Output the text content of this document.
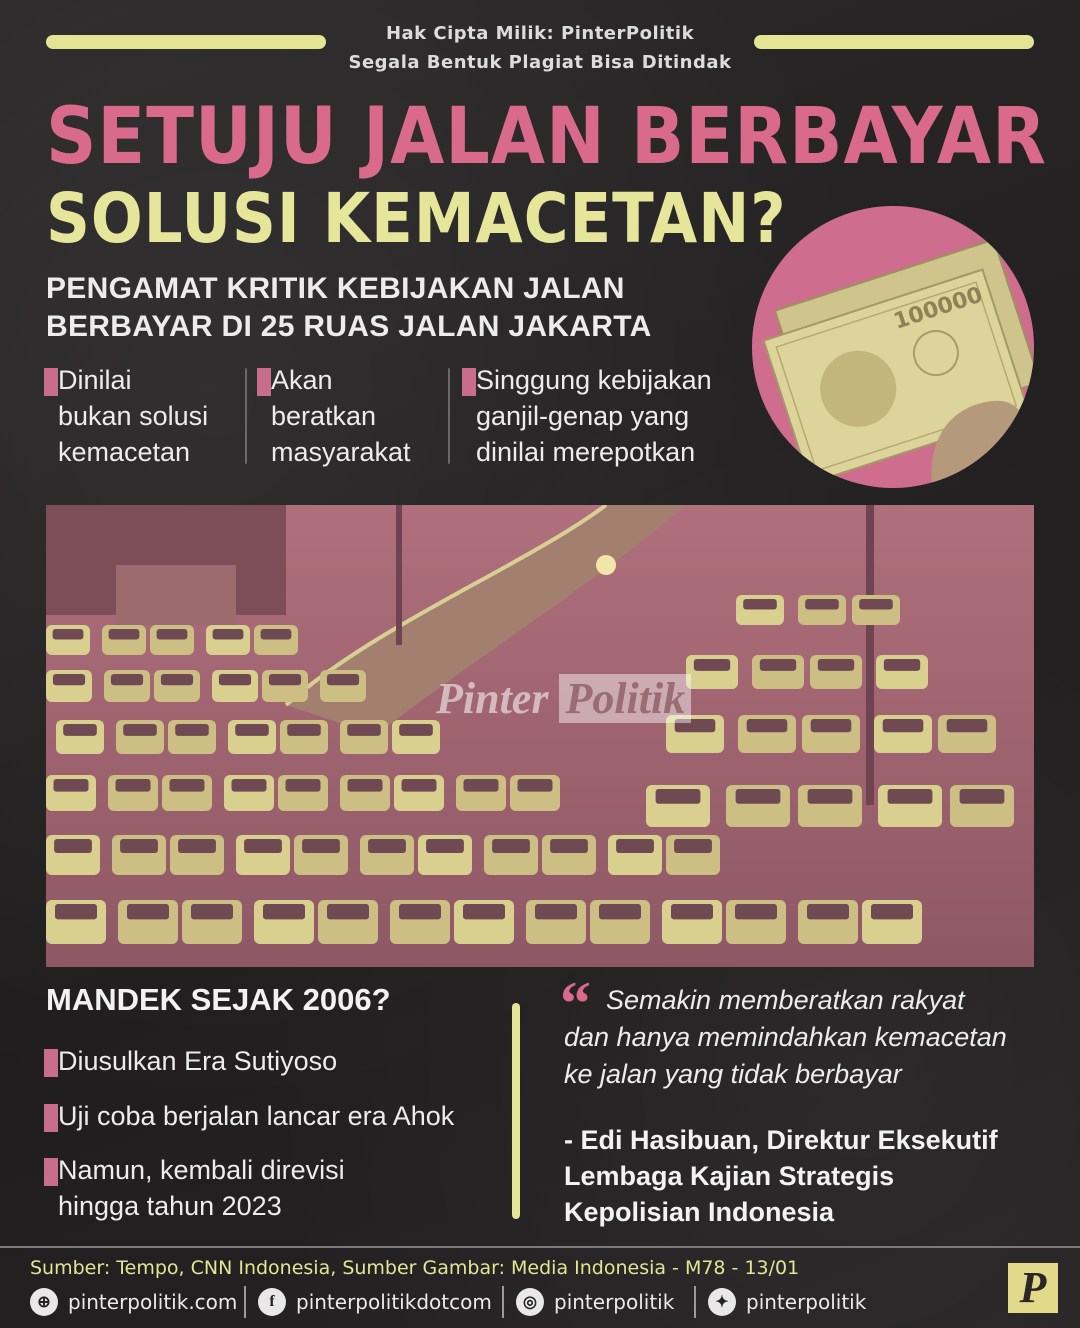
Hak Cipta Milik: PinterPolitik
Segala Bentuk Plagiat Bisa Ditindak
SETUJU JALAN BERBAYAR
SOLUSI KEMACETAN?
PENGAMAT KRITIK KEBIJAKAN JALAN
BERBAYAR DI 25 RUAS JALAN JAKARTA	100000
Dinilai
bukan solusi
kemacetan
Akan
beratkan
masyarakat
Singgung kebijakan
ganjil-genap yang
dinilai merepotkan
Pinter Politik
MANDEK SEJAK 2006?
Diusulkan Era Sutiyoso
Uji coba berjalan lancar era Ahok
Namun, kembali direvisi
hingga tahun 2023
“ Semakin memberatkan rakyat
dan hanya memindahkan kemacetan
ke jalan yang tidak berbayar
- Edi Hasibuan, Direktur Eksekutif
Lembaga Kajian Strategis
Kepolisian Indonesia
Sumber: Tempo, CNN Indonesia, Sumber Gambar: Media Indonesia - M78 - 13/01
⊕ pinterpolitik.com	f	pinterpolitikdotcom	◎ pinterpolitik	✦ pinterpolitik	P
